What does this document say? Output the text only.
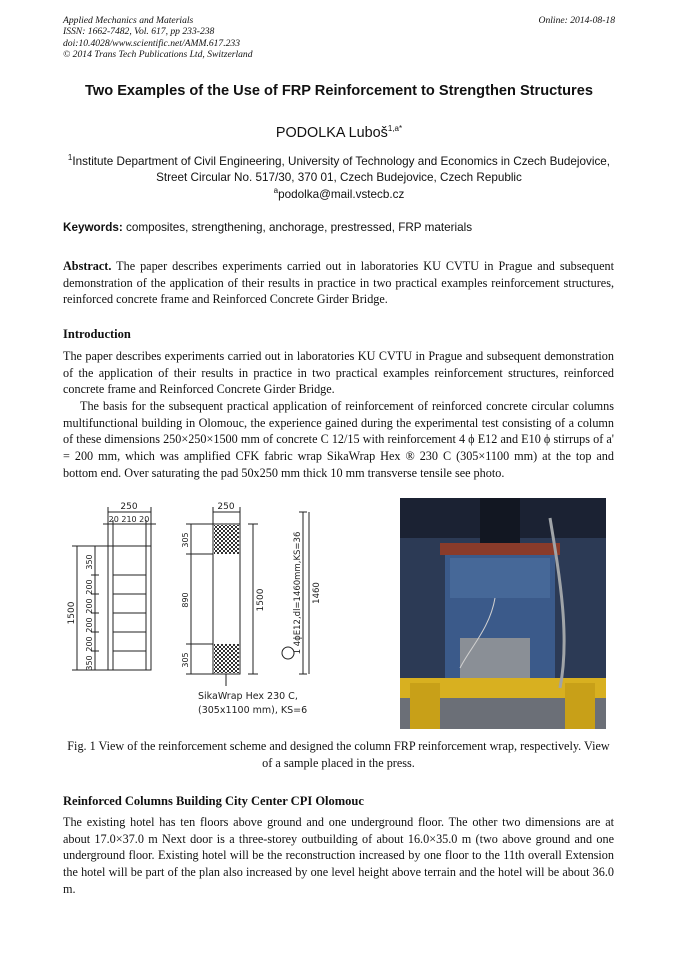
Applied Mechanics and Materials
ISSN: 1662-7482, Vol. 617, pp 233-238
doi:10.4028/www.scientific.net/AMM.617.233
© 2014 Trans Tech Publications Ltd, Switzerland
Online: 2014-08-18
Two Examples of the Use of FRP Reinforcement to Strengthen Structures
PODOLKA Luboš$^{1,a*}$
$^1$Institute Department of Civil Engineering, University of Technology and Economics in Czech Budejovice, Street Circular No. 517/30, 370 01, Czech Budejovice, Czech Republic
$^a$podolka@mail.vstecb.cz
Keywords: composites, strengthening, anchorage, prestressed, FRP materials
Abstract. The paper describes experiments carried out in laboratories KU CVTU in Prague and subsequent demonstration of the application of their results in practice in two practical examples reinforcement structures, reinforced concrete frame and Reinforced Concrete Girder Bridge.
Introduction
The paper describes experiments carried out in laboratories KU CVTU in Prague and subsequent demonstration of the application of their results in practice in two practical examples reinforcement structures, reinforced concrete frame and Reinforced Concrete Girder Bridge.
The basis for the subsequent practical application of reinforcement of reinforced concrete circular columns multifunctional building in Olomouc, the experience gained during the experimental test consisting of a column of these dimensions 250×250×1500 mm of concrete C 12/15 with reinforcement 4 ϕ E12 and E10 ϕ stirrups of a' = 200 mm, which was amplified CFK fabric wrap SikaWrap Hex ® 230 C (305×1100 mm) at the top and bottom end. Over saturating the pad 50x250 mm thick 10 mm transverse tensile see photo.
250
20 210 20
250
1500
350
200
200
200
200
350
305
890
305
1500	1 4ϕE12,dl=1460mm,KS=36 1460
SikaWrap Hex 230 C,
(305x1100 mm), KS=6
Fig. 1 View of the reinforcement scheme and designed the column FRP reinforcement wrap, respectively. View of a sample placed in the press.
Reinforced Columns Building City Center CPI Olomouc
The existing hotel has ten floors above ground and one underground floor. The other two dimensions are at about 17.0×37.0 m Next door is a three-storey outbuilding of about 16.0×35.0 m (two above ground and one underground floor. Existing hotel will be the reconstruction increased by one floor to the 11th overall Extension the hotel will be part of the plan also increased by one level height above terrain and the hotel will be about 36.0 m.
